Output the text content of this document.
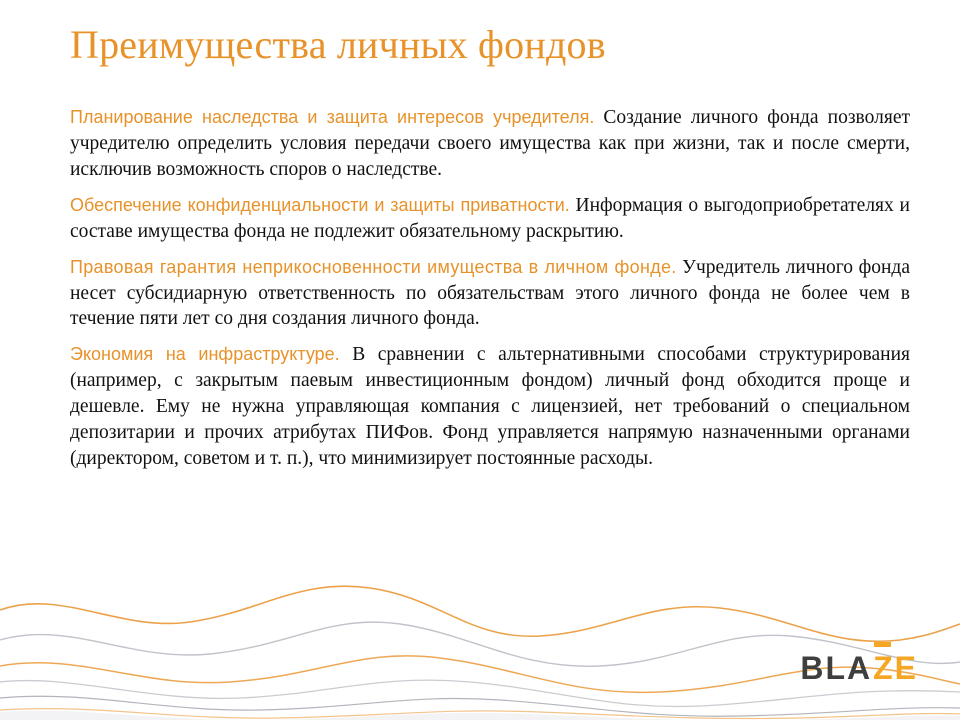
Преимущества личных фондов

Планирование наследства и защита интересов учредителя. Создание личного фонда позволяет учредителю определить условия передачи своего имущества как при жизни, так и после смерти, исключив возможность споров о наследстве.

Обеспечение конфиденциальности и защиты приватности. Информация о выгодоприобретателях и составе имущества фонда не подлежит обязательному раскрытию.

Правовая гарантия неприкосновенности имущества в личном фонде. Учредитель личного фонда несет субсидиарную ответственность по обязательствам этого личного фонда не более чем в течение пяти лет со дня создания личного фонда.

Экономия на инфраструктуре. В сравнении с альтернативными способами структурирования (например, с закрытым паевым инвестиционным фондом) личный фонд обходится проще и дешевле. Ему не нужна управляющая компания с лицензией, нет требований о специальном депозитарии и прочих атрибутах ПИФов. Фонд управляется напрямую назначенными органами (директором, советом и т. п.), что минимизирует постоянные расходы.

BLA ZE
